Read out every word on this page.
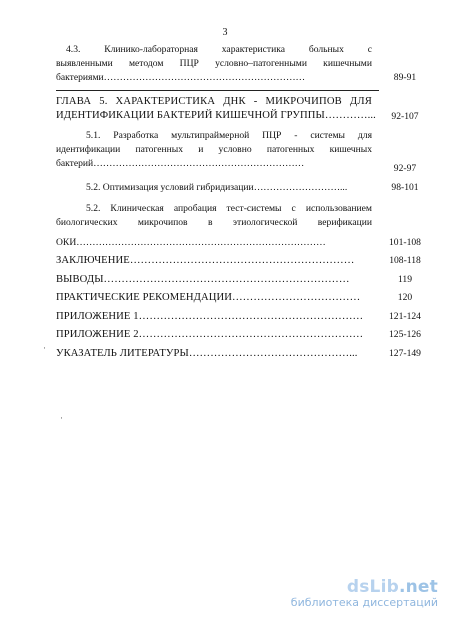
3
4.3. Клинико-лабораторная характеристика больных с
выявленными методом ПЦР условно–патогенными кишечными
бактериями………………………………………………………	89-91
ГЛАВА 5. ХАРАКТЕРИСТИКА ДНК - МИКРОЧИПОВ ДЛЯ
ИДЕНТИФИКАЦИИ БАКТЕРИЙ КИШЕЧНОЙ ГРУППЫ…………...	92-107
5.1. Разработка мультипраймерной ПЦР - системы для
идентификации патогенных и условно патогенных кишечных
бактерий…………………………………………………………	92-97
5.2. Оптимизация условий гибридизации………………………...	98-101
5.2. Клиническая апробация тест-системы с использованием
биологических микрочипов в этиологической верификации
ОКИ……………………………………………………………………	101-108
ЗАКЛЮЧЕНИЕ………………………………………………………	108-118
ВЫВОДЫ……………………………………………………………	119
ПРАКТИЧЕСКИЕ РЕКОМЕНДАЦИИ………………………………	120
ПРИЛОЖЕНИЕ 1………………………………………………………	121-124
ПРИЛОЖЕНИЕ 2………………………………………………………	125-126
УКАЗАТЕЛЬ ЛИТЕРАТУРЫ………………………………………...	127-149
·
·
dsLib.net
библиотека диссертаций
